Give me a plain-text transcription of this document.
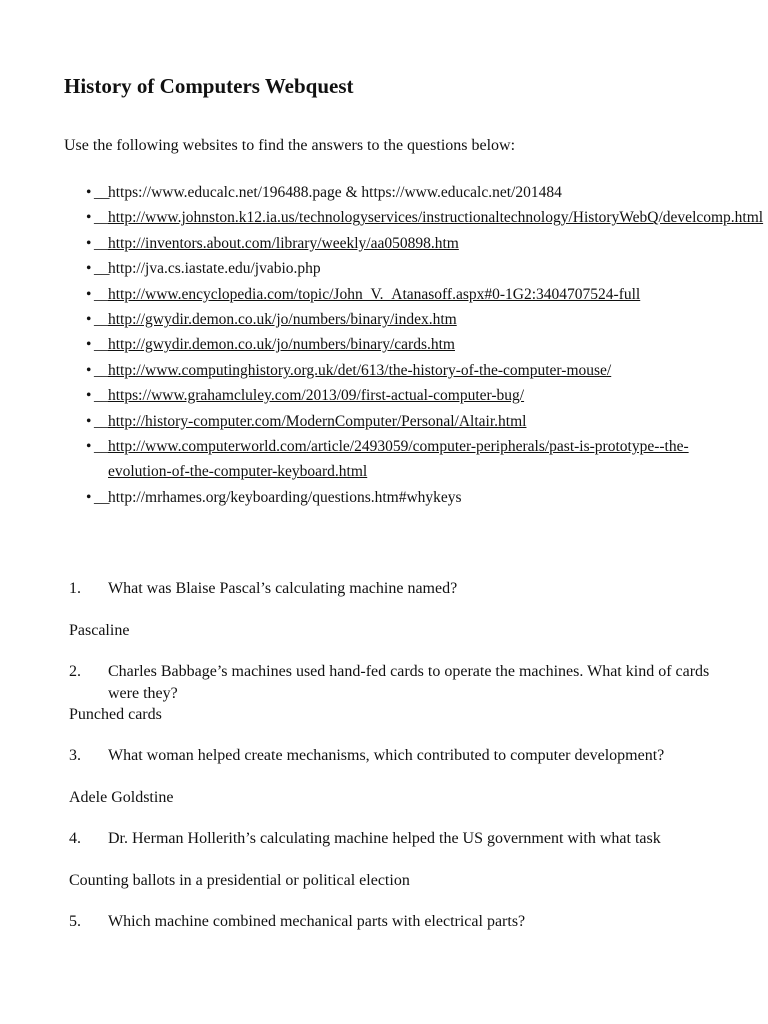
History of Computers Webquest

Use the following websites to find the answers to the questions below:

• __
https://www.educalc.net/196488.page & https://www.educalc.net/201484
• __
http://www.johnston.k12.ia.us/technologyservices/instructionaltechnology/HistoryWebQ/develcomp.html
• __
http://inventors.about.com/library/weekly/aa050898.htm
• __
http://jva.cs.iastate.edu/jvabio.php
• __
http://www.encyclopedia.com/topic/John_V._Atanasoff.aspx#0-1G2:3404707524-full
• __
http://gwydir.demon.co.uk/jo/numbers/binary/index.htm
• __
http://gwydir.demon.co.uk/jo/numbers/binary/cards.htm
• __
http://www.computinghistory.org.uk/det/613/the-history-of-the-computer-mouse/
• __
https://www.grahamcluley.com/2013/09/first-actual-computer-bug/
• __
http://history-computer.com/ModernComputer/Personal/Altair.html
• __
http://www.computerworld.com/article/2493059/computer-peripherals/past-is-prototype--the-evolution-of-the-computer-keyboard.html
• __
http://mrhames.org/keyboarding/questions.htm#whykeys
1.	What was Blaise Pascal’s calculating machine named?
Pascaline
2.	Charles Babbage’s machines used hand-fed cards to operate the machines. What kind of cards were they?
Punched cards
3.	What woman helped create mechanisms, which contributed to computer development?
Adele Goldstine
4.	Dr. Herman Hollerith’s calculating machine helped the US government with what task
Counting ballots in a presidential or political election
5.	Which machine combined mechanical parts with electrical parts?
